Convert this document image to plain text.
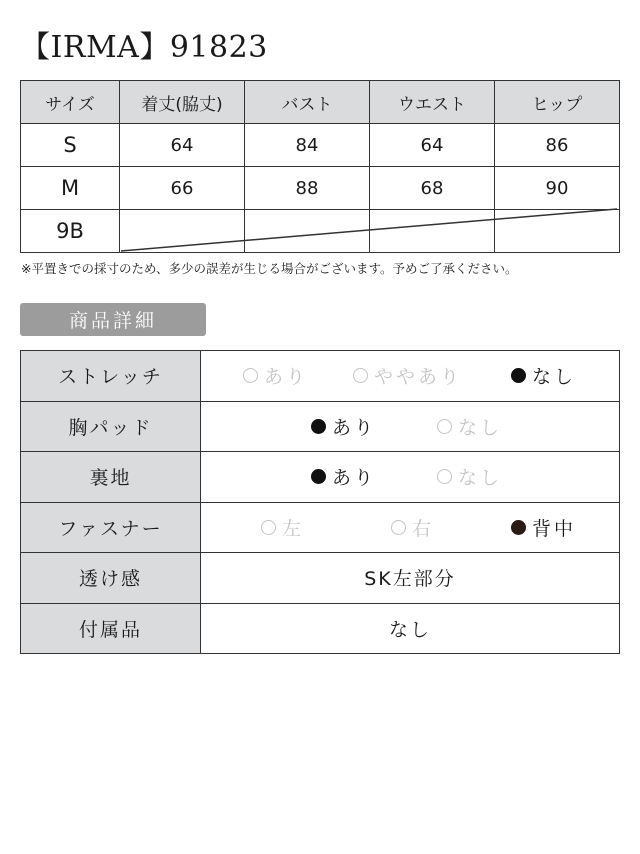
【IRMA】91823
サイズ	着丈(脇丈)	バスト	ウエスト	ヒップ
S	64	84	64	86
M	66	88	68	90
9B				
※平置きでの採寸のため、多少の誤差が生じる場合がございます。予めご了承ください。
商品詳細
ストレッチ	あり ややあり なし

胸パッド	あり なし

裏地	あり なし

ファスナー	左 右 背中

透け感	SK左部分
付属品	なし
